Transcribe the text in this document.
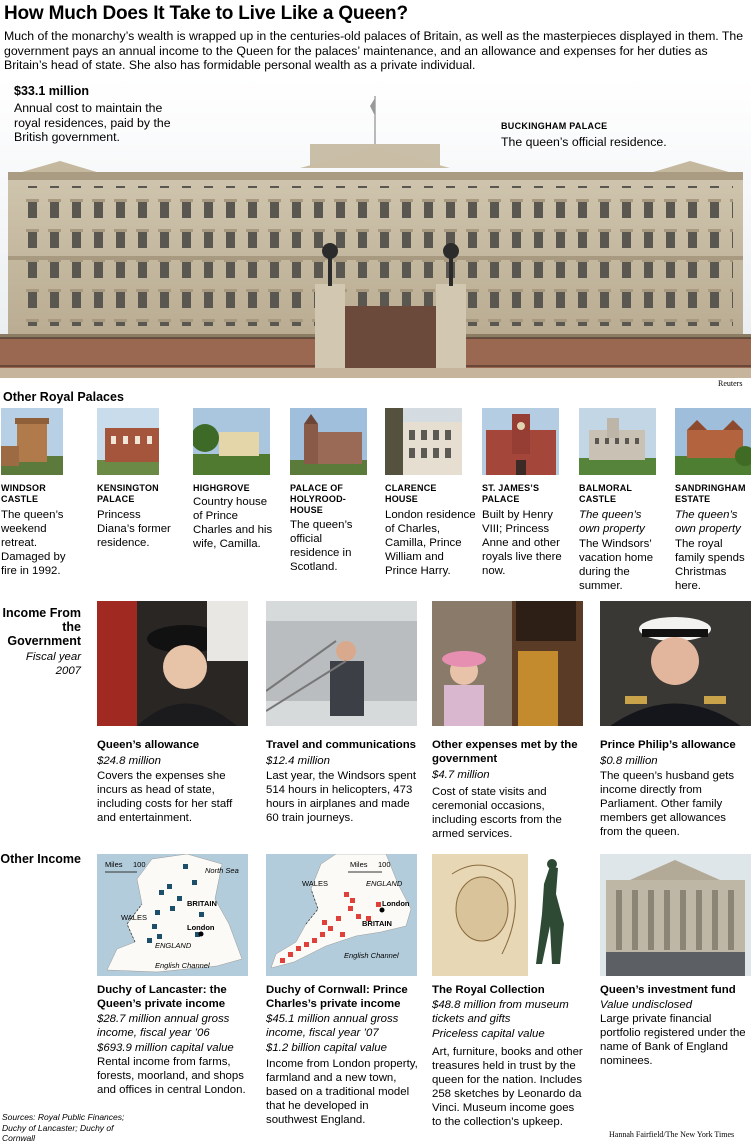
How Much Does It Take to Live Like a Queen?
Much of the monarchy’s wealth is wrapped up in the centuries-old palaces of Britain, as well as the masterpieces displayed in them. The government pays an annual income to the Queen for the palaces’ maintenance, and an allowance and expenses for her duties as Britain’s head of state. She also has formidable personal wealth as a private individual.
$33.1 million
Annual cost to maintain the royal residences, paid by the British government.
BUCKINGHAM PALACE
The queen’s official residence.
Reuters
Other Royal Palaces
WINDSOR CASTLE
The queen’s weekend retreat. Damaged by fire in 1992.
KENSINGTON PALACE
Princess Diana’s former residence.
HIGHGROVE
Country house of Prince Charles and his wife, Camilla.
PALACE OF HOLYROOD-HOUSE
The queen’s official residence in Scotland.
CLARENCE HOUSE
London residence of Charles, Camilla, Prince William and Prince Harry.
ST. JAMES’S PALACE
Built by Henry VIII; Princess Anne and other royals live there now.
BALMORAL CASTLE
The queen’s own property
The Windsors’ vacation home during the summer.
SANDRINGHAM ESTATE
The queen’s own property
The royal family spends Christmas here.
Income From the Government
Fiscal year 2007
Queen’s allowance
$24.8 million
Covers the expenses she incurs as head of state, including costs for her staff and entertainment.
Travel and communications
$12.4 million
Last year, the Windsors spent 514 hours in helicopters, 473 hours in airplanes and made 60 train journeys.
Other expenses met by the government
$4.7 million
Cost of state visits and ceremonial occasions, including escorts from the armed services.
Prince Philip’s allowance
$0.8 million
The queen’s husband gets income directly from Parliament. Other family members get allowances from the queen.
Other Income	Miles 100
North Sea
BRITAIN
WALES
London
ENGLAND
English Channel
Miles 100
WALES	ENGLAND
London
BRITAIN
English Channel
Duchy of Lancaster: the Queen’s private income
$28.7 million annual gross income, fiscal year ’06
$693.9 million capital value
Rental income from farms, forests, moorland, and shops and offices in central London.
Duchy of Cornwall: Prince Charles’s private income
$45.1 million annual gross income, fiscal year ’07
$1.2 billion capital value
Income from London property, farmland and a new town, based on a traditional model that he developed in southwest England.
The Royal Collection
$48.8 million from museum tickets and gifts
Priceless capital value
Art, furniture, books and other treasures held in trust by the queen for the nation. Includes 258 sketches by Leonardo da Vinci. Museum income goes to the collection’s upkeep.
Queen’s investment fund
Value undisclosed
Large private financial portfolio registered under the name of Bank of England nominees.
Sources: Royal Public Finances; Duchy of Lancaster; Duchy of Cornwall	Hannah Fairfield/The New York Times
